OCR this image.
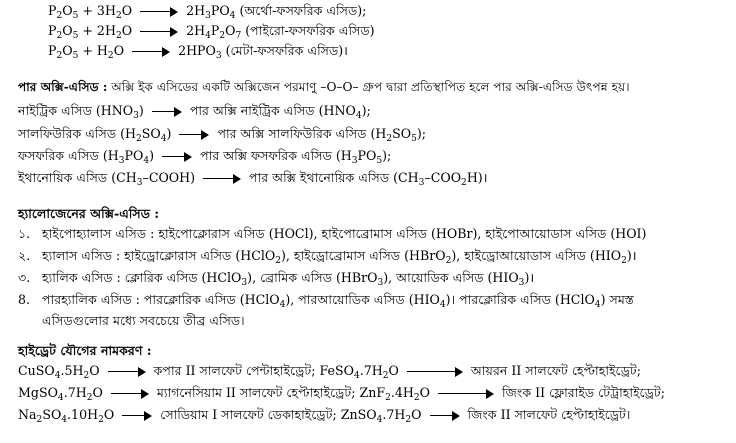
$P_2O_5 + 3H_2O$	$2H_3PO_4$ (অর্থো-ফসফরিক এসিড);
$P_2O_5 + 2H_2O$	$2H_4P_2O_7$ (পাইরো-ফসফরিক এসিড)
$P_2O_5 + H_2O$	$2HPO_3$ (মেটা-ফসফরিক এসিড)।
পার অক্সি-এসিড : অক্সি ইক এসিডের একটি অক্সিজেন পরমাণু –O–O– গ্রুপ দ্বারা প্রতিস্থাপিত হলে পার অক্সি-এসিড উৎপন্ন হয়।
নাইট্রিক এসিড $(HNO_3)$	পার অক্সি নাইট্রিক এসিড $(HNO_4)$;
সালফিউরিক এসিড $(H_2SO_4)$	পার অক্সি সালফিউরিক এসিড $(H_2SO_5)$;
ফসফরিক এসিড $(H_3PO_4)$	পার অক্সি ফসফরিক এসিড $(H_3PO_5)$;
ইথানোয়িক এসিড $(CH_3-COOH)$	পার অক্সি ইথানোয়িক এসিড $(CH_3-COO_2H)।$
হ্যালোজেনের অক্সি-এসিড :
১. হাইপোহ্যালাস এসিড : হাইপোক্লোরাস এসিড (HOCl), হাইপোব্রোমাস এসিড (HOBr), হাইপোআয়োডাস এসিড (HOI)
২. হ্যালাস এসিড : হাইড্রোক্লোরাস এসিড (HClO$_2$), হাইড্রোব্রোমাস এসিড (HBrO$_2$), হাইড্রোআয়োডাস এসিড $(HIO_2)।$
৩. হ্যালিক এসিড : ক্লোরিক এসিড (HClO$_3$), ব্রোমিক এসিড (HBrO$_3$), আয়োডিক এসিড $(HIO_3)।$
8. পারহ্যালিক এসিড : পারক্লোরিক এসিড (HClO$_4$), পারআয়োডিক এসিড $(HIO_4)।$ পারক্লোরিক এসিড (HClO$_4$) সমস্ত
এসিডগুলোর মধ্যে সবচেয়ে তীব্র এসিড।
হাইড্রেট যৌগের নামকরণ :
$CuSO_4.5H_2O$	কপার II সালফেট পেন্টাহাইড্রেট; $FeSO_4.7H_2O$	আয়রন II সালফেট হেপ্টাহাইড্রেট;
$MgSO_4.7H_2O$	ম্যাগনেসিয়াম II সালফেট হেপ্টাহাইড্রেট; $ZnF_2.4H_2O$	জিংক II ফ্লোরাইড টেট্রাহাইড্রেট;
$Na_2SO_4.10H_2O$	সোডিয়াম I সালফেট ডেকাহাইড্রেট; $ZnSO_4.7H_2O$	জিংক II সালফেট হেপ্টাহাইড্রেট।
